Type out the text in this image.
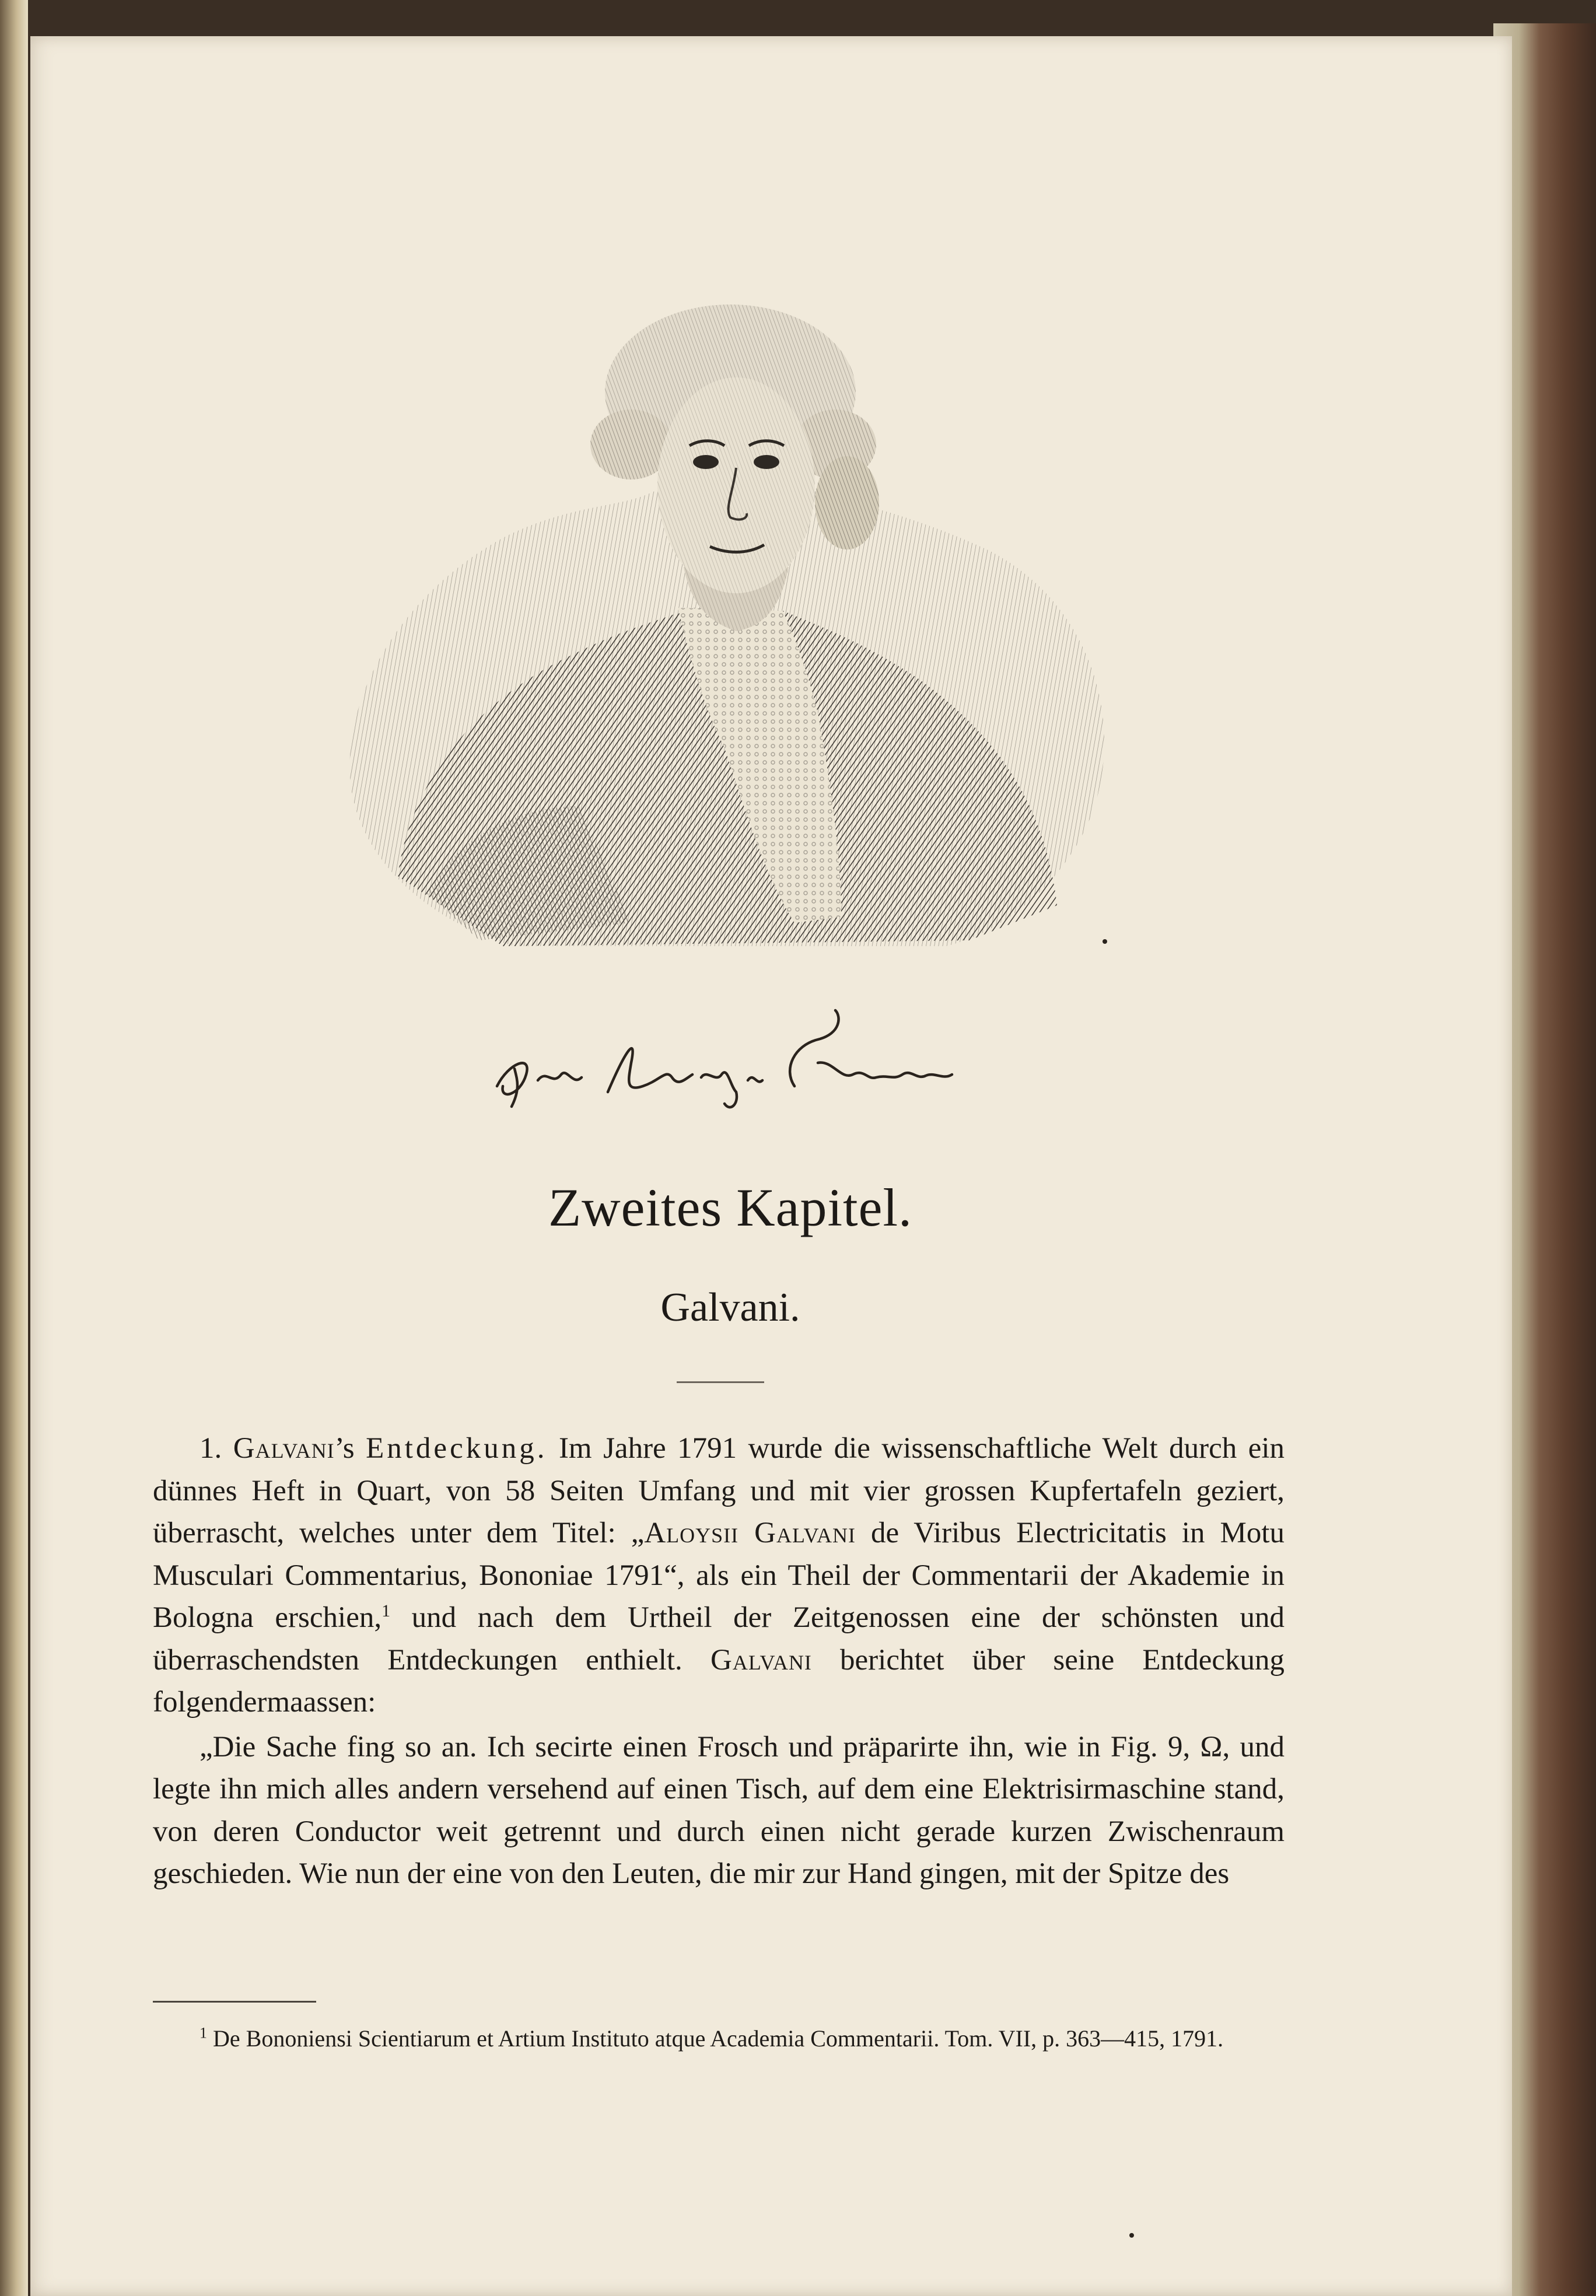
Zweites Kapitel.
Galvani.

1. Galvani’s Entdeckung. Im Jahre 1791 wurde die wissenschaftliche Welt durch ein dünnes Heft in Quart, von 58 Seiten Umfang und mit vier grossen Kupfertafeln geziert, überrascht, welches unter dem Titel: „Aloysii Galvani de Viribus Electricitatis in Motu Musculari Commentarius, Bononiae 1791“, als ein Theil der Commentarii der Akademie in Bologna erschien,$^1$ und nach dem Urtheil der Zeitgenossen eine der schönsten und überraschendsten Entdeckungen enthielt. Galvani berichtet über seine Entdeckung folgendermaassen:

„Die Sache fing so an. Ich secirte einen Frosch und präparirte ihn, wie in Fig. 9, Ω, und legte ihn mich alles andern versehend auf einen Tisch, auf dem eine Elektrisirmaschine stand, von deren Conductor weit getrennt und durch einen nicht gerade kurzen Zwischenraum geschieden. Wie nun der eine von den Leuten, die mir zur Hand gingen, mit der Spitze des

$^1$ De Bononiensi Scientiarum et Artium Instituto atque Academia Commentarii. Tom. VII, p. 363—415, 1791.
